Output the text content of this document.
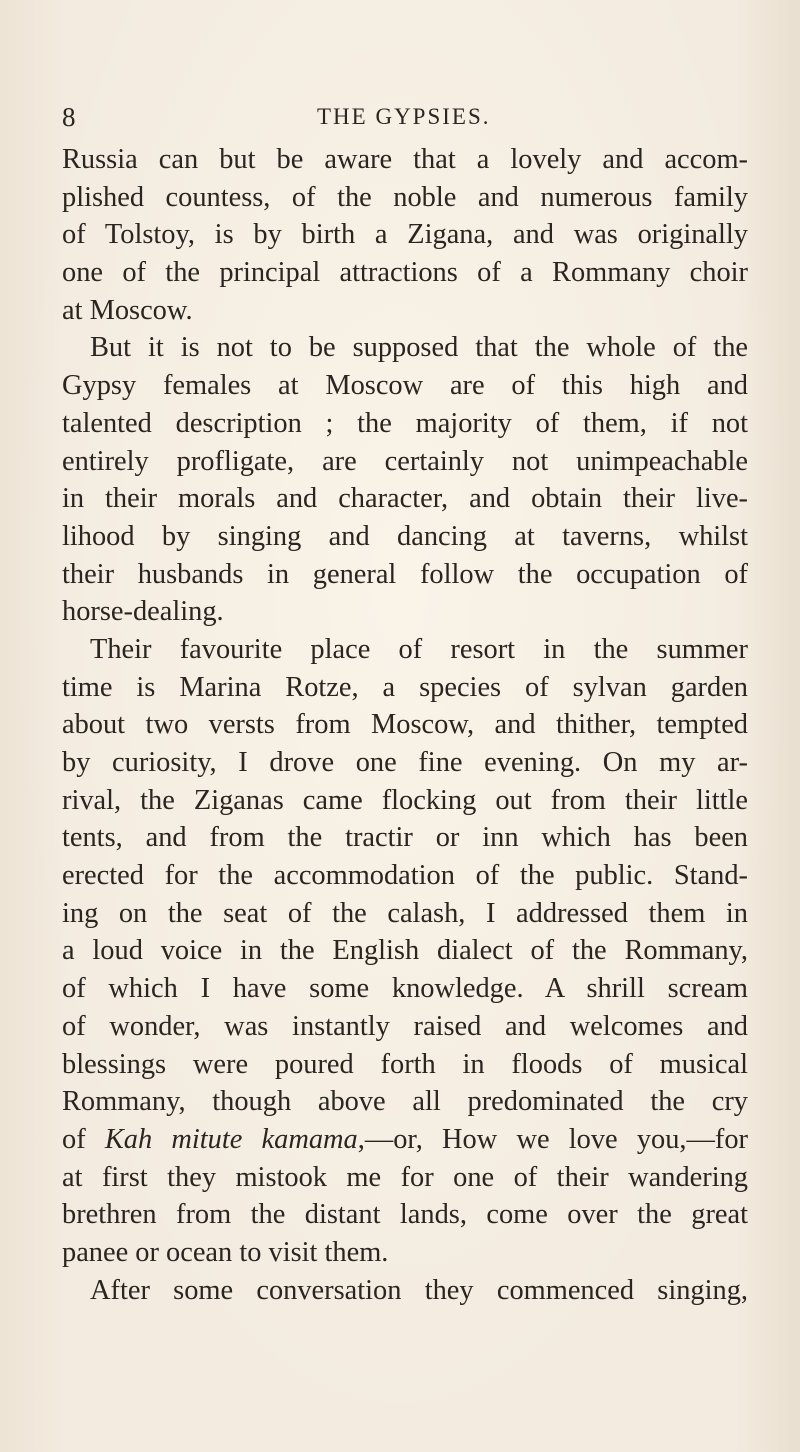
8	THE GYPSIES.
Russia can but be aware that a lovely and accom-
plished countess, of the noble and numerous family
of Tolstoy, is by birth a Zigana, and was originally
one of the principal attractions of a Rommany choir
at Moscow.
But it is not to be supposed that the whole of the
Gypsy females at Moscow are of this high and
talented description ; the majority of them, if not
entirely profligate, are certainly not unimpeachable
in their morals and character, and obtain their live-
lihood by singing and dancing at taverns, whilst
their husbands in general follow the occupation of
horse-dealing.
Their favourite place of resort in the summer
time is Marina Rotze, a species of sylvan garden
about two versts from Moscow, and thither, tempted
by curiosity, I drove one fine evening. On my ar-
rival, the Ziganas came flocking out from their little
tents, and from the tractir or inn which has been
erected for the accommodation of the public. Stand-
ing on the seat of the calash, I addressed them in
a loud voice in the English dialect of the Rommany,
of which I have some knowledge. A shrill scream
of wonder, was instantly raised and welcomes and
blessings were poured forth in floods of musical
Rommany, though above all predominated the cry
of Kah mitute kamama,—or, How we love you,—for
at first they mistook me for one of their wandering
brethren from the distant lands, come over the great
panee or ocean to visit them.
After some conversation they commenced singing,
